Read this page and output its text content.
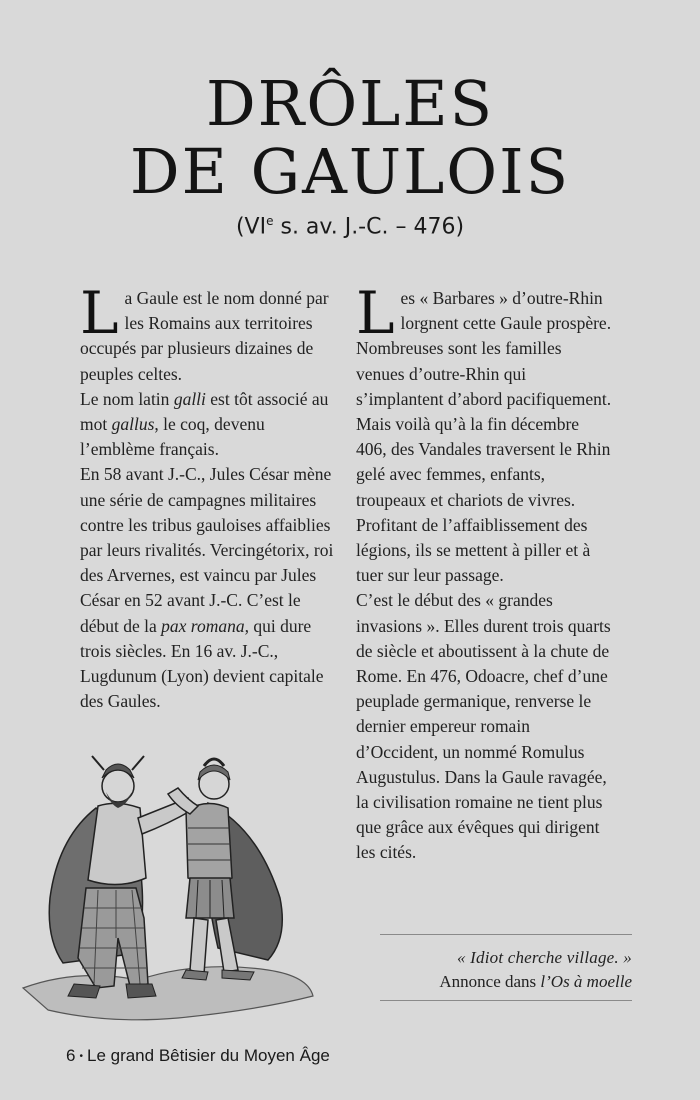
DRÔLES
DE GAULOIS
(VIe s. av. J.-C. – 476)

La Gaule est le nom donné par les Romains aux territoires occupés par plusieurs dizaines de peuples celtes.

Le nom latin galli est tôt associé au mot gallus, le coq, devenu l’emblème français.

En 58 avant J.-C., Jules César mène une série de campagnes militaires contre les tribus gauloises affaiblies par leurs rivalités. Vercingétorix, roi des Arvernes, est vaincu par Jules César en 52 avant J.-C. C’est le début de la pax romana, qui dure trois siècles. En 16 av. J.-C., Lugdunum (Lyon) devient capitale des Gaules.

Les « Barbares » d’outre-Rhin lorgnent cette Gaule prospère. Nombreuses sont les familles venues d’outre-Rhin qui s’implantent d’abord pacifiquement. Mais voilà qu’à la fin décembre 406, des Vandales traversent le Rhin gelé avec femmes, enfants, troupeaux et chariots de vivres. Profitant de l’affaiblissement des légions, ils se mettent à piller et à tuer sur leur passage.

C’est le début des « grandes invasions ». Elles durent trois quarts de siècle et aboutissent à la chute de Rome. En 476, Odoacre, chef d’une peuplade germanique, renverse le dernier empereur romain d’Occident, un nommé Romulus Augustulus. Dans la Gaule ravagée, la civilisation romaine ne tient plus que grâce aux évêques qui dirigent les cités.

« Idiot cherche village. »
Annonce dans l’Os à moelle
6 • Le grand Bêtisier du Moyen Âge
